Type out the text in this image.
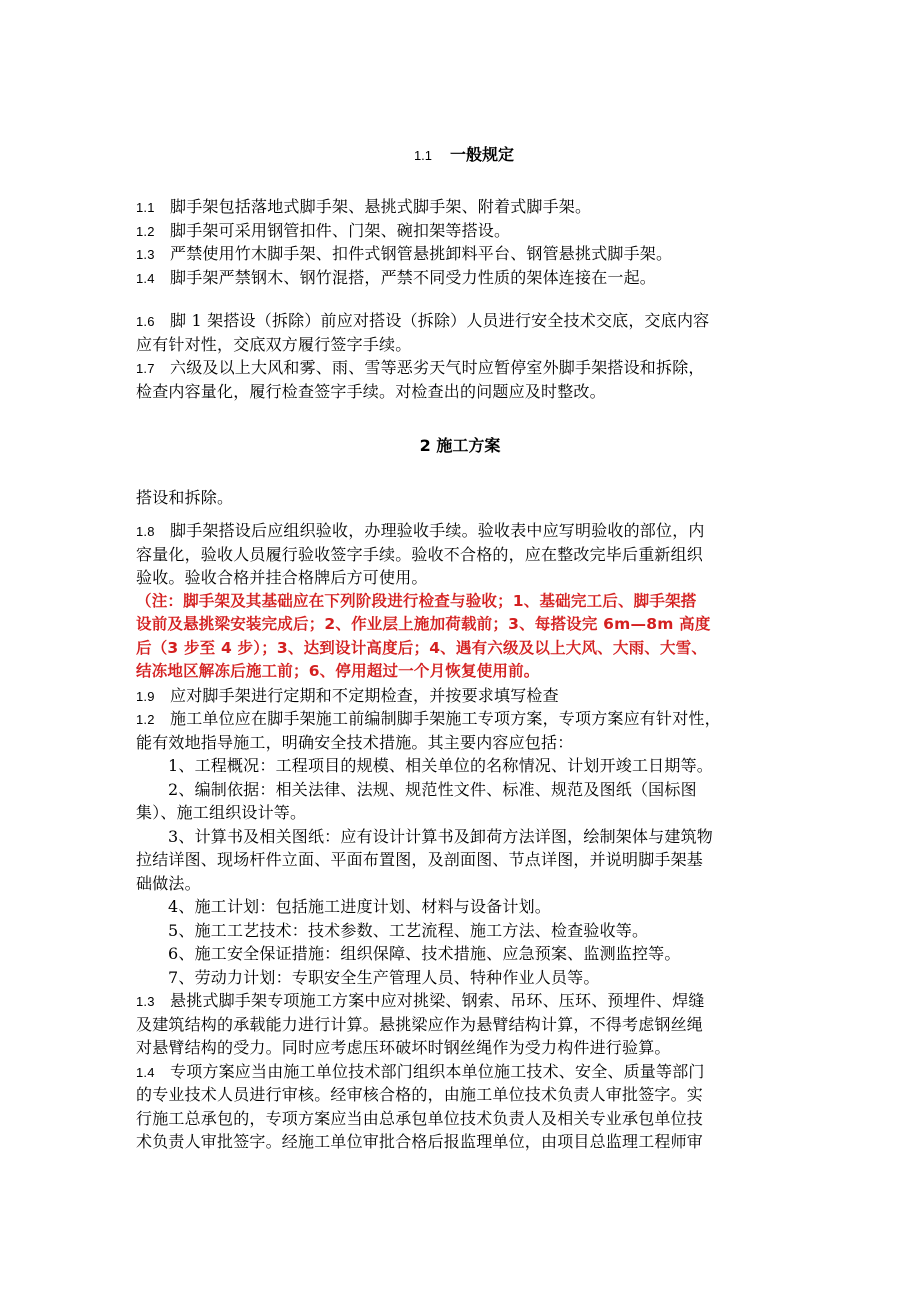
1.1 一般规定
1.1 脚手架包括落地式脚手架、悬挑式脚手架、附着式脚手架。
1.2 脚手架可采用钢管扣件、门架、碗扣架等搭设。
1.3 严禁使用竹木脚手架、扣件式钢管悬挑卸料平台、钢管悬挑式脚手架。
1.4 脚手架严禁钢木、钢竹混搭，严禁不同受力性质的架体连接在一起。
1.6 脚 1 架搭设（拆除）前应对搭设（拆除）人员进行安全技术交底，交底内容
应有针对性，交底双方履行签字手续。
1.7 六级及以上大风和雾、雨、雪等恶劣天气时应暂停室外脚手架搭设和拆除，
检查内容量化，履行检查签字手续。对检查出的问题应及时整改。
2 施工方案
搭设和拆除。
1.8 脚手架搭设后应组织验收，办理验收手续。验收表中应写明验收的部位，内
容量化，验收人员履行验收签字手续。验收不合格的，应在整改完毕后重新组织
验收。验收合格并挂合格牌后方可使用。
（注：脚手架及其基础应在下列阶段进行检查与验收；1、基础完工后、脚手架搭
设前及悬挑梁安装完成后；2、作业层上施加荷载前；3、每搭设完 6m—8m 高度
后（3 步至 4 步）；3、达到设计高度后；4、遇有六级及以上大风、大雨、大雪、
结冻地区解冻后施工前；6、停用超过一个月恢复使用前。
1.9 应对脚手架进行定期和不定期检查，并按要求填写检查
1.2 施工单位应在脚手架施工前编制脚手架施工专项方案，专项方案应有针对性，
能有效地指导施工，明确安全技术措施。其主要内容应包括：
1、工程概况：工程项目的规模、相关单位的名称情况、计划开竣工日期等。
2、编制依据：相关法律、法规、规范性文件、标准、规范及图纸（国标图
集）、施工组织设计等。
3、计算书及相关图纸：应有设计计算书及卸荷方法详图，绘制架体与建筑物
拉结详图、现场杆件立面、平面布置图，及剖面图、节点详图，并说明脚手架基
础做法。
4、施工计划：包括施工进度计划、材料与设备计划。
5、施工工艺技术：技术参数、工艺流程、施工方法、检查验收等。
6、施工安全保证措施：组织保障、技术措施、应急预案、监测监控等。
7、劳动力计划：专职安全生产管理人员、特种作业人员等。
1.3 悬挑式脚手架专项施工方案中应对挑梁、钢索、吊环、压环、预埋件、焊缝
及建筑结构的承载能力进行计算。悬挑梁应作为悬臂结构计算，不得考虑钢丝绳
对悬臂结构的受力。同时应考虑压环破坏时钢丝绳作为受力构件进行验算。
1.4 专项方案应当由施工单位技术部门组织本单位施工技术、安全、质量等部门
的专业技术人员进行审核。经审核合格的，由施工单位技术负责人审批签字。实
行施工总承包的，专项方案应当由总承包单位技术负责人及相关专业承包单位技
术负责人审批签字。经施工单位审批合格后报监理单位，由项目总监理工程师审
